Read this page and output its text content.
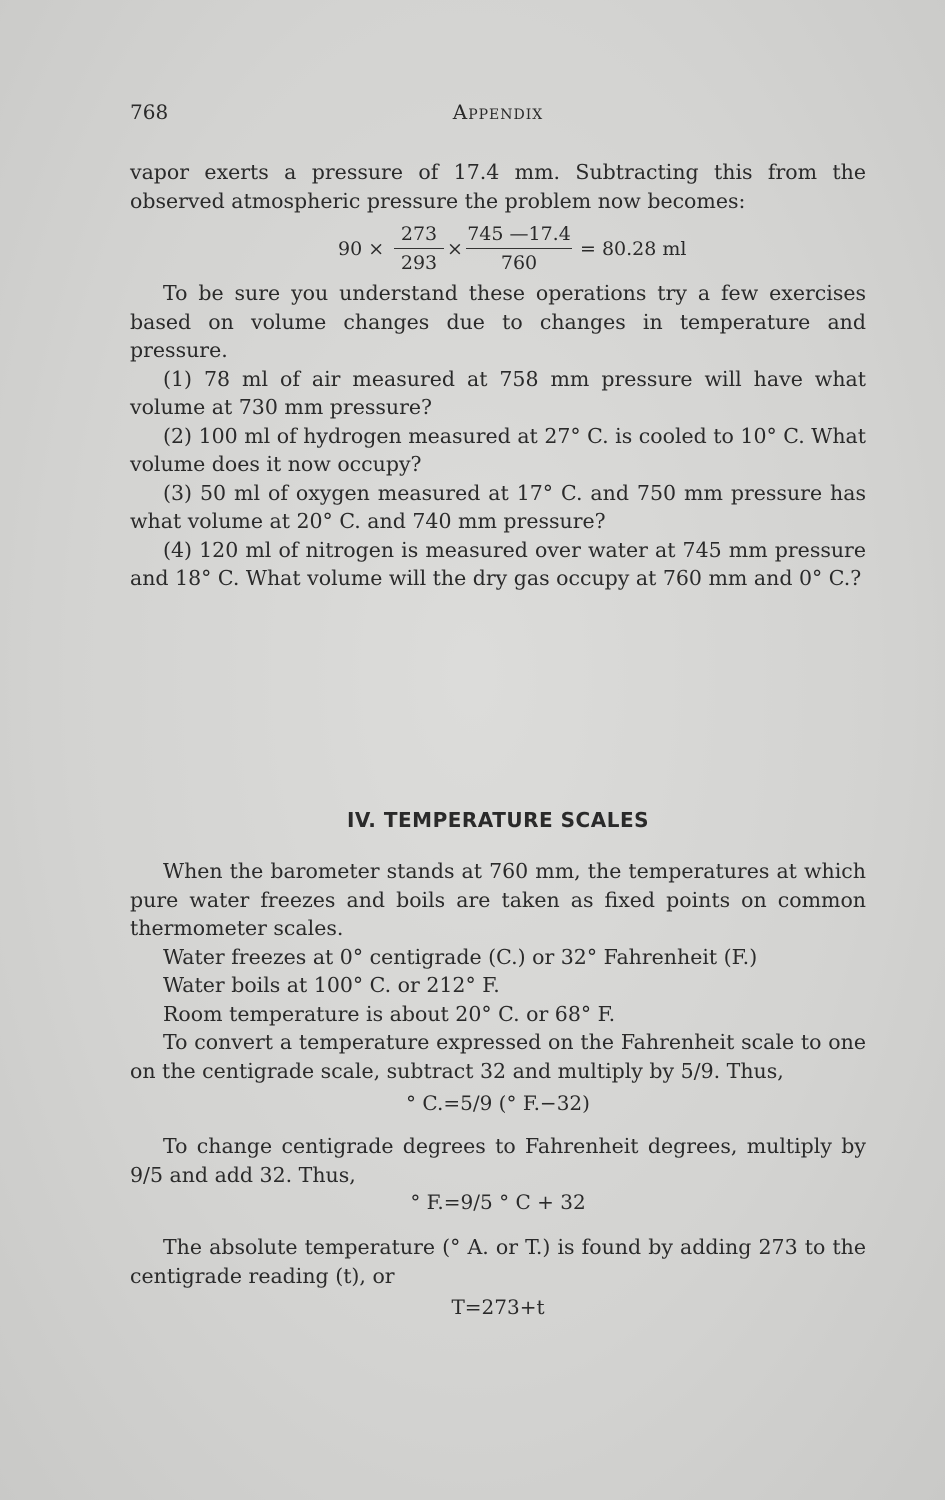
768	Appendix

vapor exerts a pressure of 17.4 mm. Subtracting this from the observed atmospheric pressure the problem now becomes:

90 ×
273
293
×
745 —17.4
760
= 80.28 ml

To be sure you understand these operations try a few exercises based on volume changes due to changes in temperature and pressure.

(1) 78 ml of air measured at 758 mm pressure will have what volume at 730 mm pressure?

(2) 100 ml of hydrogen measured at 27° C. is cooled to 10° C. What volume does it now occupy?

(3) 50 ml of oxygen measured at 17° C. and 750 mm pressure has what volume at 20° C. and 740 mm pressure?

(4) 120 ml of nitrogen is measured over water at 745 mm pressure and 18° C. What volume will the dry gas occupy at 760 mm and 0° C.?

IV. TEMPERATURE SCALES

When the barometer stands at 760 mm, the temperatures at which pure water freezes and boils are taken as fixed points on common thermometer scales.

Water freezes at 0° centigrade (C.) or 32° Fahrenheit (F.)

Water boils at 100° C. or 212° F.

Room temperature is about 20° C. or 68° F.

To convert a temperature expressed on the Fahrenheit scale to one on the centigrade scale, subtract 32 and multiply by 5/9. Thus,

° C.=5/9 (° F.−32)

To change centigrade degrees to Fahrenheit degrees, multiply by 9/5 and add 32. Thus,

° F.=9/5 ° C + 32

The absolute temperature (° A. or T.) is found by adding 273 to the centigrade reading (t), or

T=273+t
